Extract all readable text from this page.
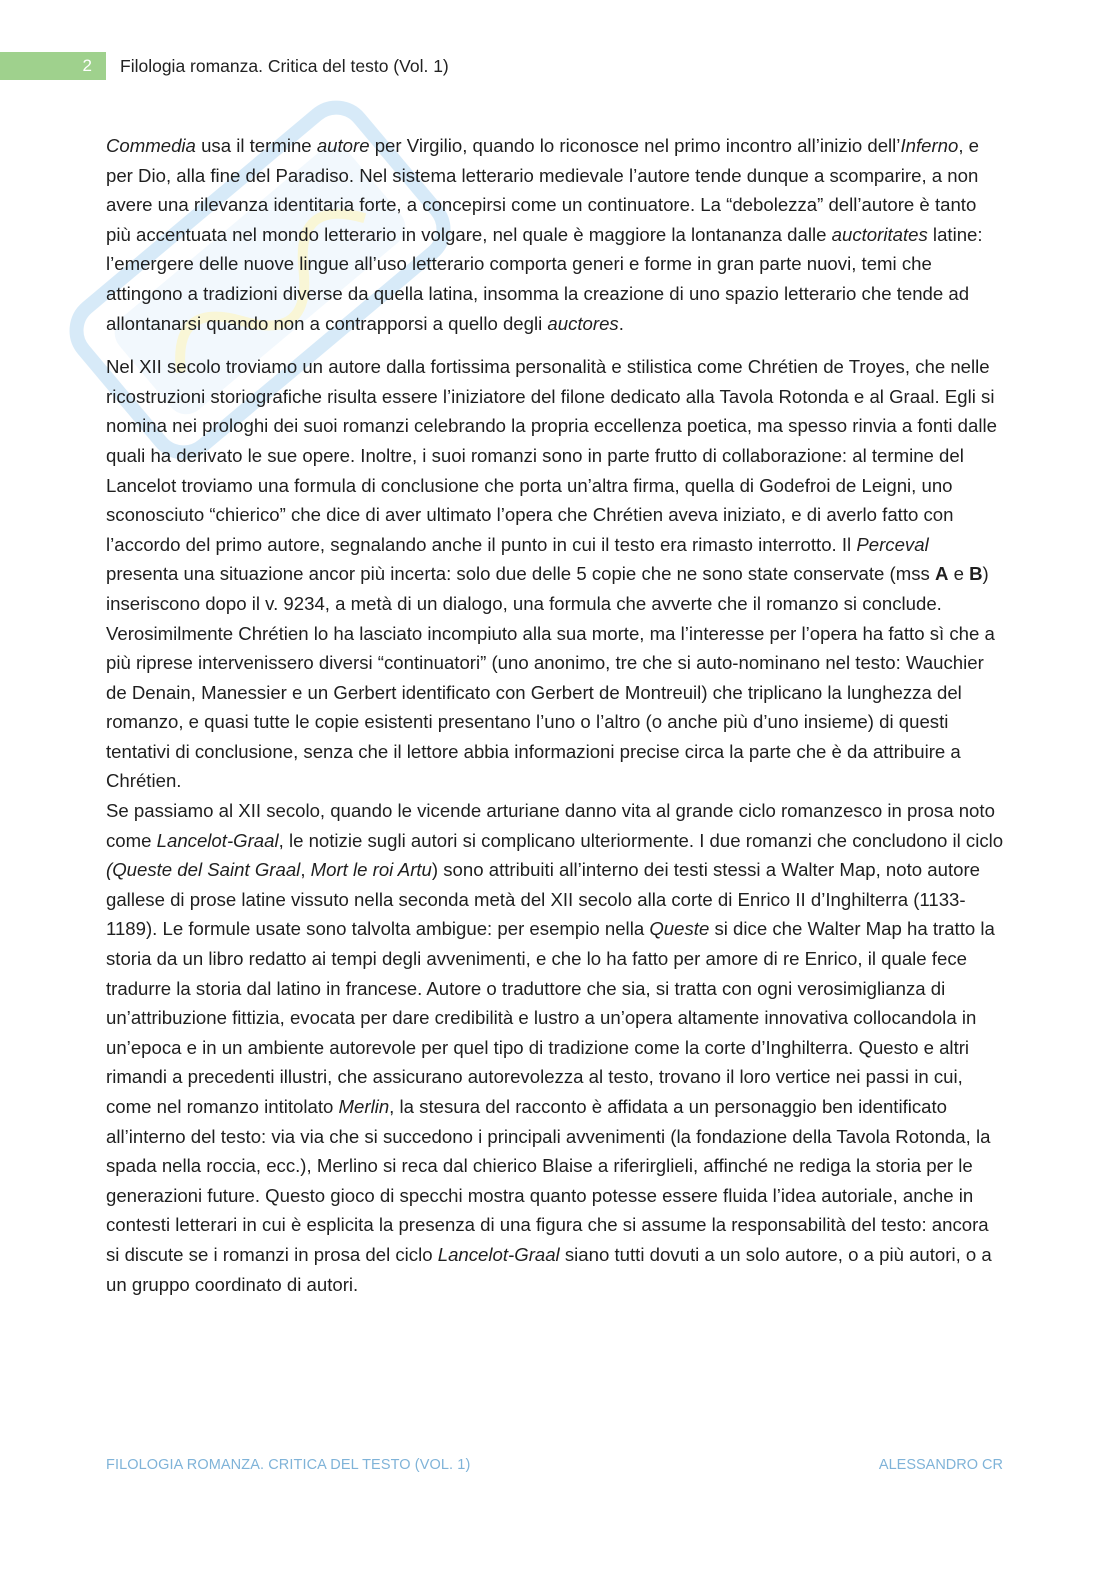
2	Filologia romanza. Critica del testo (Vol. 1)

Commedia usa il termine autore per Virgilio, quando lo riconosce nel primo incontro all’inizio dell’Inferno, e per Dio, alla fine del Paradiso. Nel sistema letterario medievale l’autore tende dunque a scomparire, a non avere una rilevanza identitaria forte, a concepirsi come un continuatore. La “debolezza” dell’autore è tanto più accentuata nel mondo letterario in volgare, nel quale è maggiore la lontananza dalle auctoritates latine: l’emergere delle nuove lingue all’uso letterario comporta generi e forme in gran parte nuovi, temi che attingono a tradizioni diverse da quella latina, insomma la creazione di uno spazio letterario che tende ad allontanarsi quando non a contrapporsi a quello degli auctores.

Nel XII secolo troviamo un autore dalla fortissima personalità e stilistica come Chrétien de Troyes, che nelle ricostruzioni storiografiche risulta essere l’iniziatore del filone dedicato alla Tavola Rotonda e al Graal. Egli si nomina nei prologhi dei suoi romanzi celebrando la propria eccellenza poetica, ma spesso rinvia a fonti dalle quali ha derivato le sue opere. Inoltre, i suoi romanzi sono in parte frutto di collaborazione: al termine del Lancelot troviamo una formula di conclusione che porta un’altra firma, quella di Godefroi de Leigni, uno sconosciuto “chierico” che dice di aver ultimato l’opera che Chrétien aveva iniziato, e di averlo fatto con l’accordo del primo autore, segnalando anche il punto in cui il testo era rimasto interrotto. Il Perceval presenta una situazione ancor più incerta: solo due delle 5 copie che ne sono state conservate (mss A e B) inseriscono dopo il v. 9234, a metà di un dialogo, una formula che avverte che il romanzo si conclude. Verosimilmente Chrétien lo ha lasciato incompiuto alla sua morte, ma l’interesse per l’opera ha fatto sì che a più riprese intervenissero diversi “continuatori” (uno anonimo, tre che si auto-nominano nel testo: Wauchier de Denain, Manessier e un Gerbert identificato con Gerbert de Montreuil) che triplicano la lunghezza del romanzo, e quasi tutte le copie esistenti presentano l’uno o l’altro (o anche più d’uno insieme) di questi tentativi di conclusione, senza che il lettore abbia informazioni precise circa la parte che è da attribuire a Chrétien.

Se passiamo al XII secolo, quando le vicende arturiane danno vita al grande ciclo romanzesco in prosa noto come Lancelot-Graal, le notizie sugli autori si complicano ulteriormente. I due romanzi che concludono il ciclo (Queste del Saint Graal, Mort le roi Artu) sono attribuiti all’interno dei testi stessi a Walter Map, noto autore gallese di prose latine vissuto nella seconda metà del XII secolo alla corte di Enrico II d’Inghilterra (1133-1189). Le formule usate sono talvolta ambigue: per esempio nella Queste si dice che Walter Map ha tratto la storia da un libro redatto ai tempi degli avvenimenti, e che lo ha fatto per amore di re Enrico, il quale fece tradurre la storia dal latino in francese. Autore o traduttore che sia, si tratta con ogni verosimiglianza di un’attribuzione fittizia, evocata per dare credibilità e lustro a un’opera altamente innovativa collocandola in un’epoca e in un ambiente autorevole per quel tipo di tradizione come la corte d’Inghilterra. Questo e altri rimandi a precedenti illustri, che assicurano autorevolezza al testo, trovano il loro vertice nei passi in cui, come nel romanzo intitolato Merlin, la stesura del racconto è affidata a un personaggio ben identificato all’interno del testo: via via che si succedono i principali avvenimenti (la fondazione della Tavola Rotonda, la spada nella roccia, ecc.), Merlino si reca dal chierico Blaise a riferirglieli, affinché ne rediga la storia per le generazioni future. Questo gioco di specchi mostra quanto potesse essere fluida l’idea autoriale, anche in contesti letterari in cui è esplicita la presenza di una figura che si assume la responsabilità del testo: ancora si discute se i romanzi in prosa del ciclo Lancelot-Graal siano tutti dovuti a un solo autore, o a più autori, o a un gruppo coordinato di autori.

FILOLOGIA ROMANZA. CRITICA DEL TESTO (VOL. 1)	ALESSANDRO CR
